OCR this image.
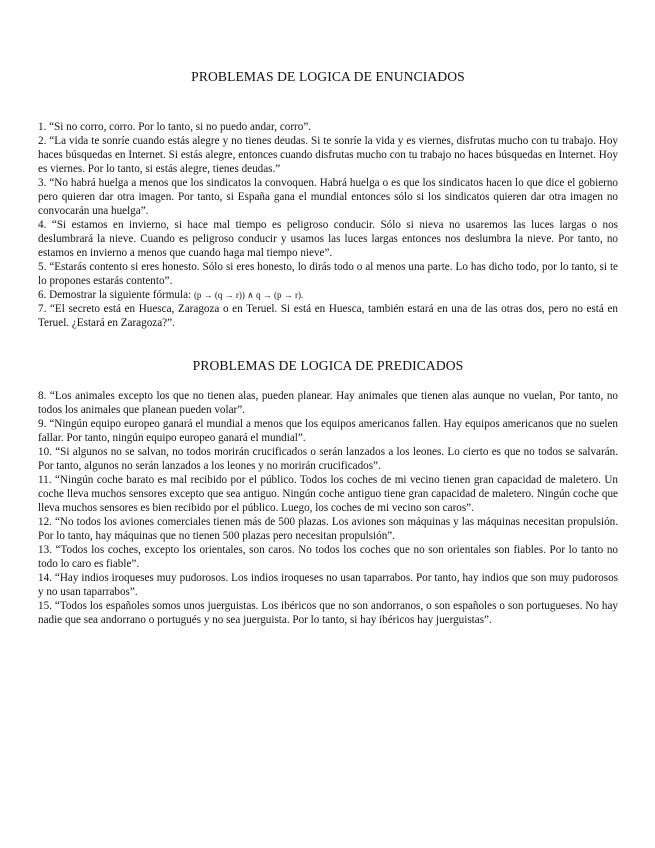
PROBLEMAS DE LOGICA DE ENUNCIADOS
1. “Si no corro, corro. Por lo tanto, si no puedo andar, corro”.
2. “La vida te sonríe cuando estás alegre y no tienes deudas. Si te sonríe la vida y es viernes, disfrutas mucho con tu trabajo. Hoy haces búsquedas en Internet. Si estás alegre, entonces cuando disfrutas mucho con tu trabajo no haces búsquedas en Internet. Hoy es viernes. Por lo tanto, si estás alegre, tienes deudas.”
3. “No habrá huelga a menos que los sindicatos la convoquen. Habrá huelga o es que los sindicatos hacen lo que dice el gobierno pero quieren dar otra imagen. Por tanto, si España gana el mundial entonces sólo si los sindicatos quieren dar otra imagen no convocarán una huelga”.
4. “Si estamos en invierno, si hace mal tiempo es peligroso conducir. Sólo si nieva no usaremos las luces largas o nos deslumbrará la nieve. Cuando es peligroso conducir y usamos las luces largas entonces nos deslumbra la nieve. Por tanto, no estamos en invierno a menos que cuando haga mal tiempo nieve”.
5. “Estarás contento si eres honesto. Sólo si eres honesto, lo dirás todo o al menos una parte. Lo has dicho todo, por lo tanto, si te lo propones estarás contento”.
6. Demostrar la siguiente fórmula: (p → (q → r)) ∧ q → (p → r).
7. “El secreto está en Huesca, Zaragoza o en Teruel. Si está en Huesca, también estará en una de las otras dos, pero no está en Teruel. ¿Estará en Zaragoza?”.
PROBLEMAS DE LOGICA DE PREDICADOS
8. “Los animales excepto los que no tienen alas, pueden planear. Hay animales que tienen alas aunque no vuelan, Por tanto, no todos los animales que planean pueden volar”.
9. “Ningún equipo europeo ganará el mundial a menos que los equipos americanos fallen. Hay equipos americanos que no suelen fallar. Por tanto, ningún equipo europeo ganará el mundial”.
10. “Si algunos no se salvan, no todos morirán crucificados o serán lanzados a los leones. Lo cierto es que no todos se salvarán. Por tanto, algunos no serán lanzados a los leones y no morirán crucificados”.
11. “Ningún coche barato es mal recibido por el público. Todos los coches de mi vecino tienen gran capacidad de maletero. Un coche lleva muchos sensores excepto que sea antiguo. Ningún coche antiguo tiene gran capacidad de maletero. Ningún coche que lleva muchos sensores es bien recibido por el público. Luego, los coches de mi vecino son caros”.
12. “No todos los aviones comerciales tienen más de 500 plazas. Los aviones son máquinas y las máquinas necesitan propulsión. Por lo tanto, hay máquinas que no tienen 500 plazas pero necesitan propulsión”.
13. “Todos los coches, excepto los orientales, son caros. No todos los coches que no son orientales son fiables. Por lo tanto no todo lo caro es fiable”.
14. “Hay indios iroqueses muy pudorosos. Los indios iroqueses no usan taparrabos. Por tanto, hay indios que son muy pudorosos y no usan taparrabos”.
15. “Todos los españoles somos unos juerguistas. Los ibéricos que no son andorranos, o son españoles o son portugueses. No hay nadie que sea andorrano o portugués y no sea juerguista. Por lo tanto, si hay ibéricos hay juerguistas”.
